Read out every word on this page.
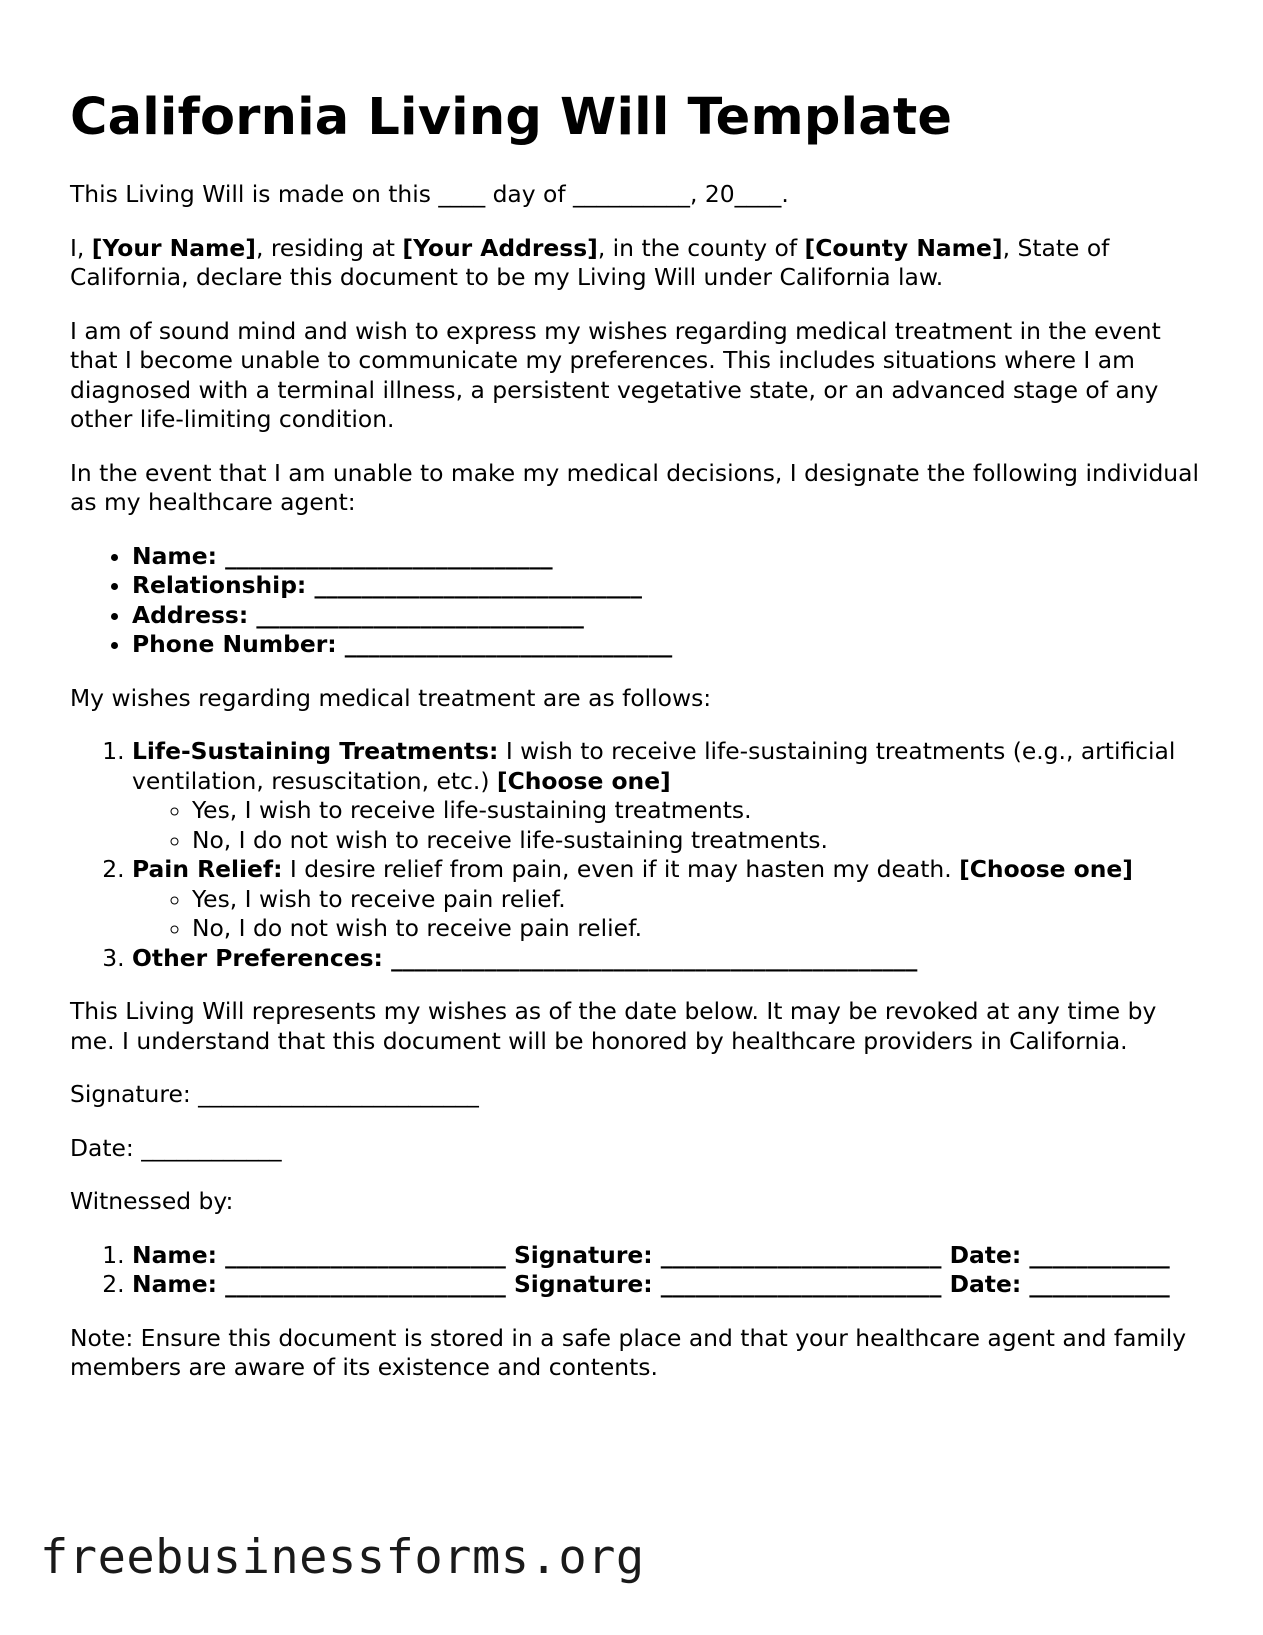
California Living Will Template

This Living Will is made on this ____ day of __________, 20____.

I, [Your Name], residing at [Your Address], in the county of [County Name], State of California, declare this document to be my Living Will under California law.

I am of sound mind and wish to express my wishes regarding medical treatment in the event that I become unable to communicate my preferences. This includes situations where I am diagnosed with a terminal illness, a persistent vegetative state, or an advanced stage of any other life-limiting condition.

In the event that I am unable to make my medical decisions, I designate the following individual as my healthcare agent:

• Name: ____________________________
• Relationship: ____________________________
• Address: ____________________________
• Phone Number: ____________________________

My wishes regarding medical treatment are as follows:

1. Life-Sustaining Treatments: I wish to receive life-sustaining treatments (e.g., artificial ventilation, resuscitation, etc.) [Choose one]
◦ Yes, I wish to receive life-sustaining treatments.
◦ No, I do not wish to receive life-sustaining treatments.
2. Pain Relief: I desire relief from pain, even if it may hasten my death. [Choose one]
◦ Yes, I wish to receive pain relief.
◦ No, I do not wish to receive pain relief.
3. Other Preferences: _____________________________________________

This Living Will represents my wishes as of the date below. It may be revoked at any time by me. I understand that this document will be honored by healthcare providers in California.

Signature: ________________________

Date: ____________

Witnessed by:

1. Name: ________________________ Signature: ________________________ Date: ____________
2. Name: ________________________ Signature: ________________________ Date: ____________

Note: Ensure this document is stored in a safe place and that your healthcare agent and family members are aware of its existence and contents.

freebusinessforms.org
